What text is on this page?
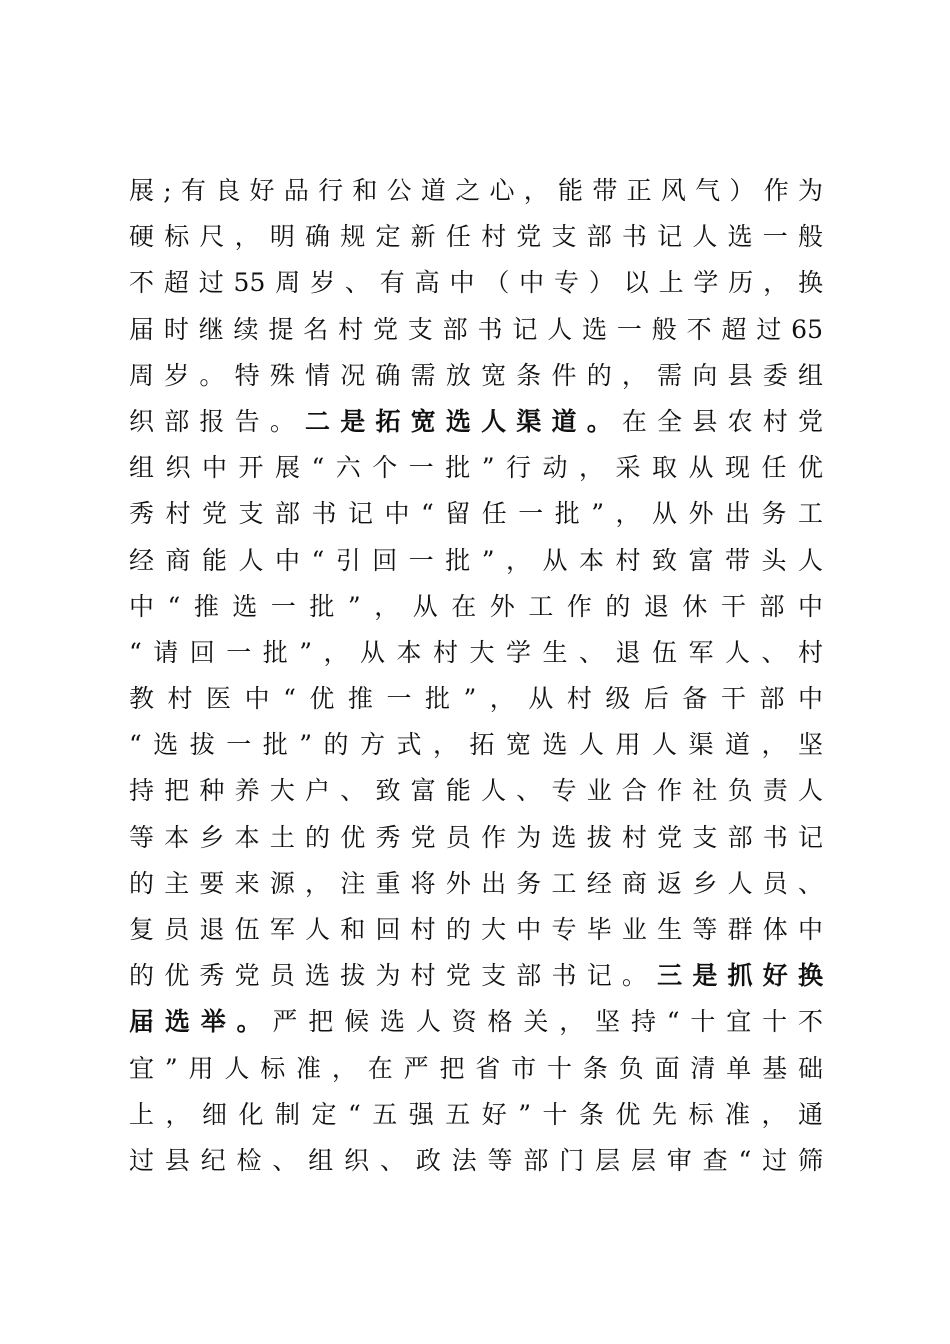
展;有良好品行和公道之心，能带正风气）作为
硬标尺，明确规定新任村党支部书记人选一般
不超过55周岁、有高中（中专）以上学历，换
届时继续提名村党支部书记人选一般不超过65
周岁。特殊情况确需放宽条件的，需向县委组
织部报告。二是拓宽选人渠道。在全县农村党
组织中开展“六个一批”行动，采取从现任优
秀村党支部书记中“留任一批”，从外出务工
经商能人中“引回一批”，从本村致富带头人
中“推选一批”，从在外工作的退休干部中
“请回一批”，从本村大学生、退伍军人、村
教村医中“优推一批”，从村级后备干部中
“选拔一批”的方式，拓宽选人用人渠道，坚
持把种养大户、致富能人、专业合作社负责人
等本乡本土的优秀党员作为选拔村党支部书记
的主要来源，注重将外出务工经商返乡人员、
复员退伍军人和回村的大中专毕业生等群体中
的优秀党员选拔为村党支部书记。三是抓好换
届选举。严把候选人资格关，坚持“十宜十不
宜”用人标准，在严把省市十条负面清单基础
上，细化制定“五强五好”十条优先标准，通
过县纪检、组织、政法等部门层层审查“过筛
